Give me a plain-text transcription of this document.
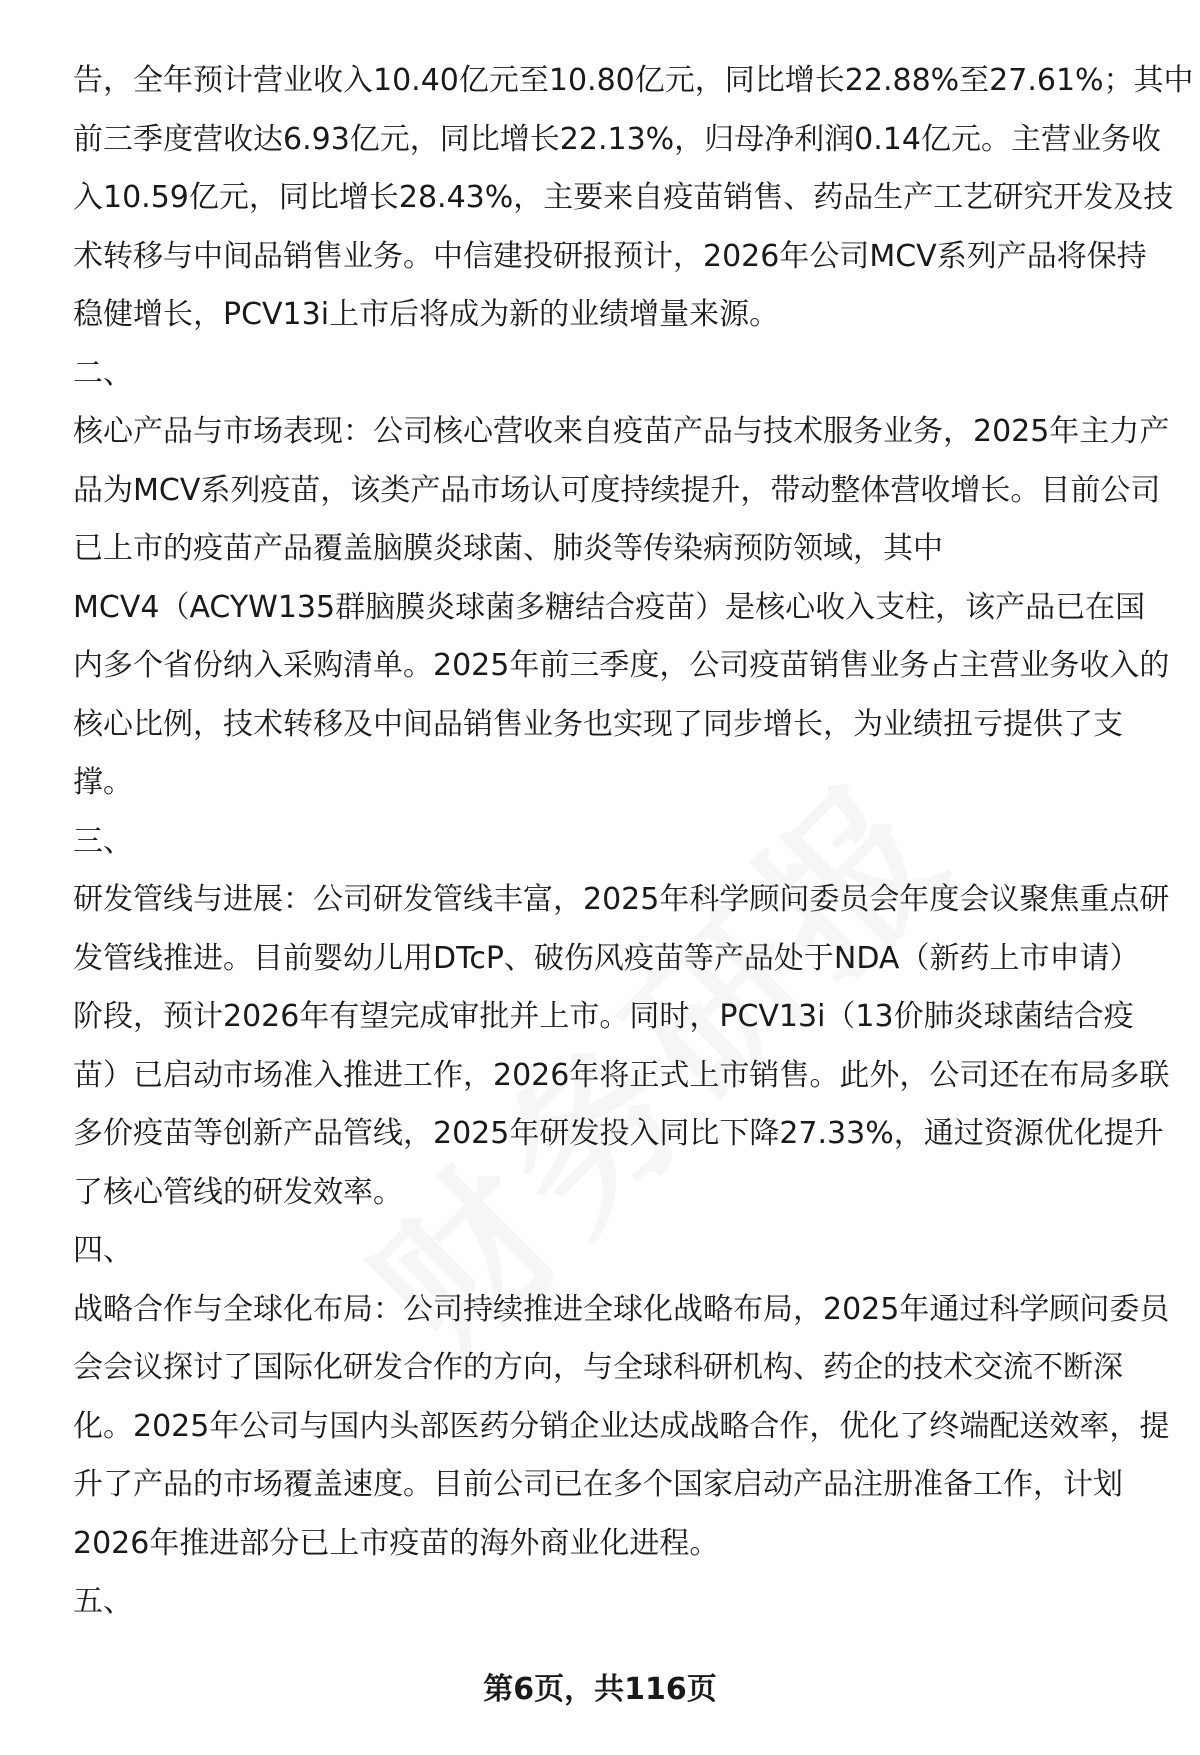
告，全年预计营业收入10.40亿元至10.80亿元，同比增长22.88%至27.61%；其中
前三季度营收达6.93亿元，同比增长22.13%，归母净利润0.14亿元。主营业务收
入10.59亿元，同比增长28.43%，主要来自疫苗销售、药品生产工艺研究开发及技
术转移与中间品销售业务。中信建投研报预计，2026年公司MCV系列产品将保持
稳健增长，PCV13i上市后将成为新的业绩增量来源。
二、
核心产品与市场表现：公司核心营收来自疫苗产品与技术服务业务，2025年主力产
品为MCV系列疫苗，该类产品市场认可度持续提升，带动整体营收增长。目前公司
已上市的疫苗产品覆盖脑膜炎球菌、肺炎等传染病预防领域，其中
MCV4（ACYW135群脑膜炎球菌多糖结合疫苗）是核心收入支柱，该产品已在国
内多个省份纳入采购清单。2025年前三季度，公司疫苗销售业务占主营业务收入的
核心比例，技术转移及中间品销售业务也实现了同步增长，为业绩扭亏提供了支
撑。
三、
研发管线与进展：公司研发管线丰富，2025年科学顾问委员会年度会议聚焦重点研
发管线推进。目前婴幼儿用DTcP、破伤风疫苗等产品处于NDA（新药上市申请）
阶段，预计2026年有望完成审批并上市。同时，PCV13i（13价肺炎球菌结合疫
苗）已启动市场准入推进工作，2026年将正式上市销售。此外，公司还在布局多联
多价疫苗等创新产品管线，2025年研发投入同比下降27.33%，通过资源优化提升
了核心管线的研发效率。
四、
战略合作与全球化布局：公司持续推进全球化战略布局，2025年通过科学顾问委员
会会议探讨了国际化研发合作的方向，与全球科研机构、药企的技术交流不断深
化。2025年公司与国内头部医药分销企业达成战略合作，优化了终端配送效率，提
升了产品的市场覆盖速度。目前公司已在多个国家启动产品注册准备工作，计划
2026年推进部分已上市疫苗的海外商业化进程。
五、
第6页，共116页
